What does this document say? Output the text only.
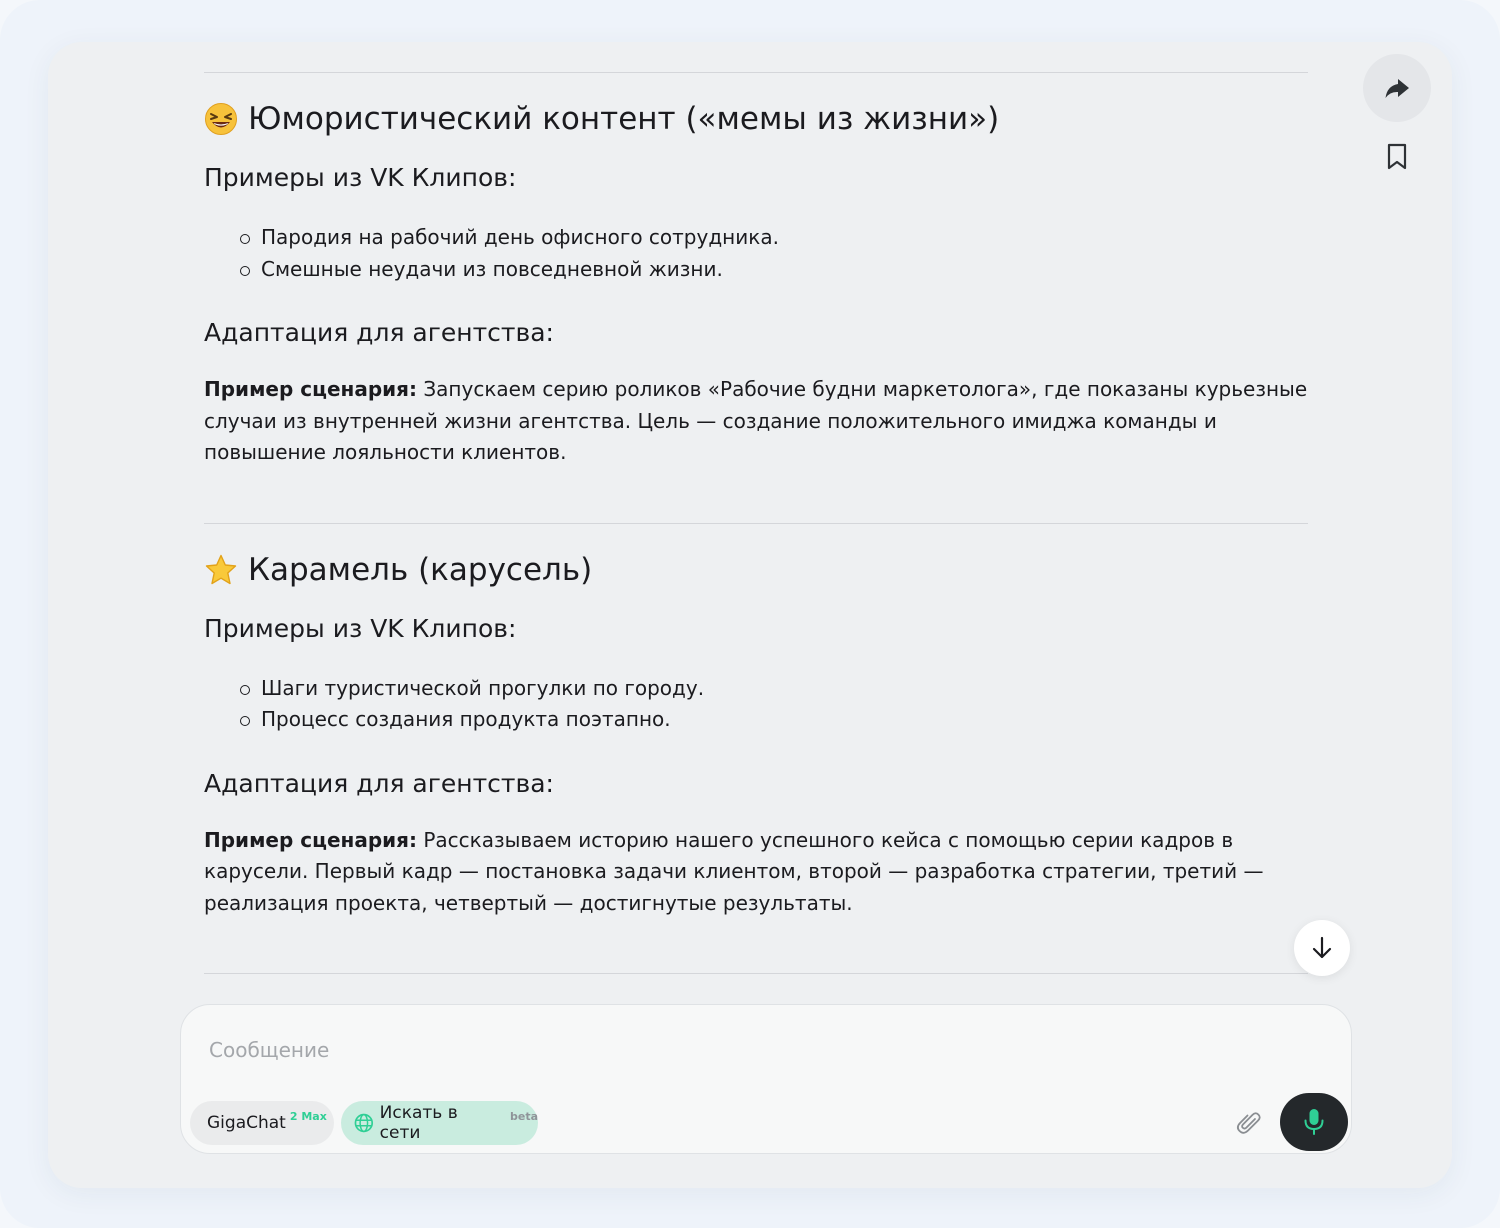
Юмористический контент («мемы из жизни»)
Примеры из VK Клипов:
Пародия на рабочий день офисного сотрудника.
Смешные неудачи из повседневной жизни.
Адаптация для агентства:

Пример сценария: Запускаем серию роликов «Рабочие будни маркетолога», где показаны курьезные случаи из внутренней жизни агентства. Цель — создание положительного имиджа команды и повышение лояльности клиентов.

Карамель (карусель)
Примеры из VK Клипов:
Шаги туристической прогулки по городу.
Процесс создания продукта поэтапно.
Адаптация для агентства:

Пример сценария: Рассказываем историю нашего успешного кейса с помощью серии кадров в карусели. Первый кадр — постановка задачи клиентом, второй — разработка стратегии, третий — реализация проекта, четвертый — достигнутые результаты.

Сообщение
GigaChat 2 Max	Искать в сети
beta
